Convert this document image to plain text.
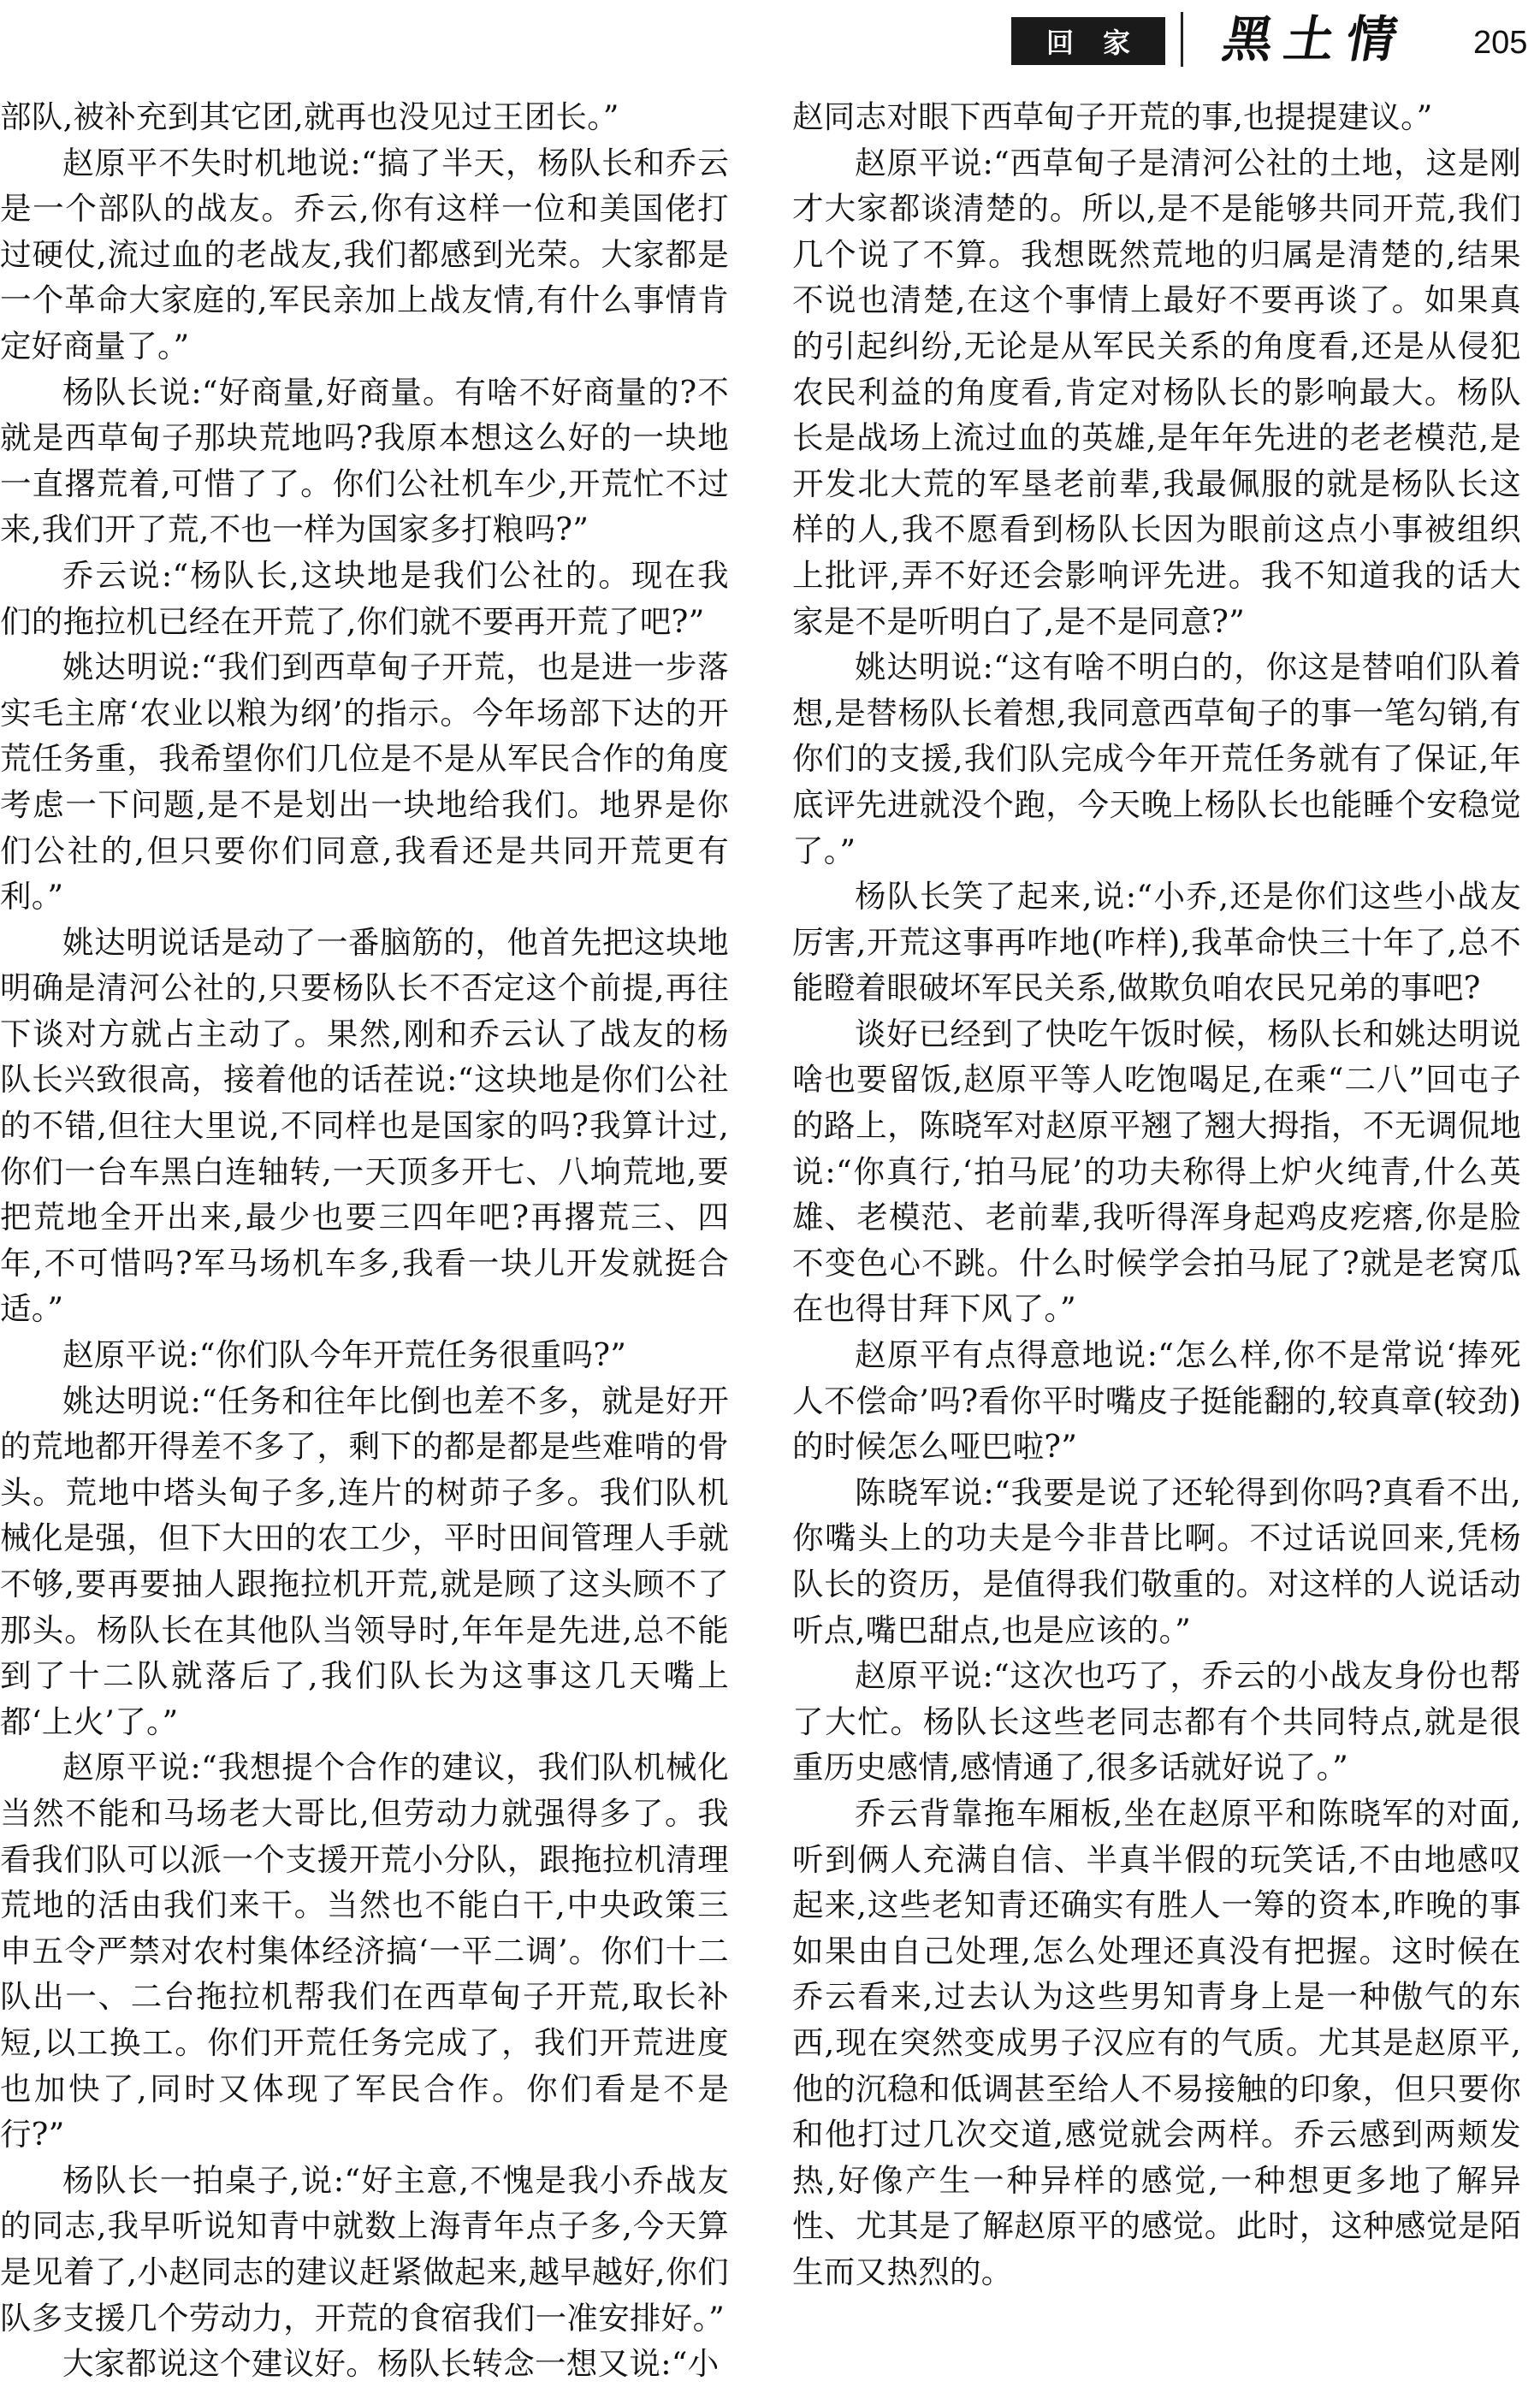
回家 黑土情 205

部队,被补充到其它团,就再也没见过王团长。”

赵原平不失时机地说:“搞了半天，杨队长和乔云是一个部队的战友。乔云,你有这样一位和美国佬打过硬仗,流过血的老战友,我们都感到光荣。大家都是一个革命大家庭的,军民亲加上战友情,有什么事情肯定好商量了。”

杨队长说:“好商量,好商量。有啥不好商量的?不就是西草甸子那块荒地吗?我原本想这么好的一块地一直撂荒着,可惜了了。你们公社机车少,开荒忙不过来,我们开了荒,不也一样为国家多打粮吗?”

乔云说:“杨队长,这块地是我们公社的。现在我们的拖拉机已经在开荒了,你们就不要再开荒了吧?”

姚达明说:“我们到西草甸子开荒，也是进一步落实毛主席‘农业以粮为纲’的指示。今年场部下达的开荒任务重，我希望你们几位是不是从军民合作的角度考虑一下问题,是不是划出一块地给我们。地界是你们公社的,但只要你们同意,我看还是共同开荒更有利。”

姚达明说话是动了一番脑筋的，他首先把这块地明确是清河公社的,只要杨队长不否定这个前提,再往下谈对方就占主动了。果然,刚和乔云认了战友的杨队长兴致很高，接着他的话茬说:“这块地是你们公社的不错,但往大里说,不同样也是国家的吗?我算计过,你们一台车黑白连轴转,一天顶多开七、八垧荒地,要把荒地全开出来,最少也要三四年吧?再撂荒三、四年,不可惜吗?军马场机车多,我看一块儿开发就挺合适。”

赵原平说:“你们队今年开荒任务很重吗?”

姚达明说:“任务和往年比倒也差不多，就是好开的荒地都开得差不多了，剩下的都是都是些难啃的骨头。荒地中塔头甸子多,连片的树茆子多。我们队机械化是强，但下大田的农工少，平时田间管理人手就不够,要再要抽人跟拖拉机开荒,就是顾了这头顾不了那头。杨队长在其他队当领导时,年年是先进,总不能到了十二队就落后了,我们队长为这事这几天嘴上都‘上火’了。”

赵原平说:“我想提个合作的建议，我们队机械化当然不能和马场老大哥比,但劳动力就强得多了。我看我们队可以派一个支援开荒小分队，跟拖拉机清理荒地的活由我们来干。当然也不能白干,中央政策三申五令严禁对农村集体经济搞‘一平二调’。你们十二队出一、二台拖拉机帮我们在西草甸子开荒,取长补短,以工换工。你们开荒任务完成了，我们开荒进度也加快了,同时又体现了军民合作。你们看是不是行?”

杨队长一拍桌子,说:“好主意,不愧是我小乔战友的同志,我早听说知青中就数上海青年点子多,今天算是见着了,小赵同志的建议赶紧做起来,越早越好,你们队多支援几个劳动力，开荒的食宿我们一准安排好。”

大家都说这个建议好。杨队长转念一想又说:“小

赵同志对眼下西草甸子开荒的事,也提提建议。”

赵原平说:“西草甸子是清河公社的土地，这是刚才大家都谈清楚的。所以,是不是能够共同开荒,我们几个说了不算。我想既然荒地的归属是清楚的,结果不说也清楚,在这个事情上最好不要再谈了。如果真的引起纠纷,无论是从军民关系的角度看,还是从侵犯农民利益的角度看,肯定对杨队长的影响最大。杨队长是战场上流过血的英雄,是年年先进的老老模范,是开发北大荒的军垦老前辈,我最佩服的就是杨队长这样的人,我不愿看到杨队长因为眼前这点小事被组织上批评,弄不好还会影响评先进。我不知道我的话大家是不是听明白了,是不是同意?”

姚达明说:“这有啥不明白的，你这是替咱们队着想,是替杨队长着想,我同意西草甸子的事一笔勾销,有你们的支援,我们队完成今年开荒任务就有了保证,年底评先进就没个跑，今天晚上杨队长也能睡个安稳觉了。”

杨队长笑了起来,说:“小乔,还是你们这些小战友厉害,开荒这事再咋地(咋样),我革命快三十年了,总不能瞪着眼破坏军民关系,做欺负咱农民兄弟的事吧?

谈好已经到了快吃午饭时候，杨队长和姚达明说啥也要留饭,赵原平等人吃饱喝足,在乘“二八”回屯子的路上，陈晓军对赵原平翘了翘大拇指，不无调侃地说:“你真行,‘拍马屁’的功夫称得上炉火纯青,什么英雄、老模范、老前辈,我听得浑身起鸡皮疙瘩,你是脸不变色心不跳。什么时候学会拍马屁了?就是老窝瓜在也得甘拜下风了。”

赵原平有点得意地说:“怎么样,你不是常说‘捧死人不偿命’吗?看你平时嘴皮子挺能翻的,较真章(较劲)的时候怎么哑巴啦?”

陈晓军说:“我要是说了还轮得到你吗?真看不出,你嘴头上的功夫是今非昔比啊。不过话说回来,凭杨队长的资历，是值得我们敬重的。对这样的人说话动听点,嘴巴甜点,也是应该的。”

赵原平说:“这次也巧了，乔云的小战友身份也帮了大忙。杨队长这些老同志都有个共同特点,就是很重历史感情,感情通了,很多话就好说了。”

乔云背靠拖车厢板,坐在赵原平和陈晓军的对面,听到俩人充满自信、半真半假的玩笑话,不由地感叹起来,这些老知青还确实有胜人一筹的资本,昨晚的事如果由自己处理,怎么处理还真没有把握。这时候在乔云看来,过去认为这些男知青身上是一种傲气的东西,现在突然变成男子汉应有的气质。尤其是赵原平,他的沉稳和低调甚至给人不易接触的印象，但只要你和他打过几次交道,感觉就会两样。乔云感到两颊发热,好像产生一种异样的感觉,一种想更多地了解异性、尤其是了解赵原平的感觉。此时，这种感觉是陌生而又热烈的。
